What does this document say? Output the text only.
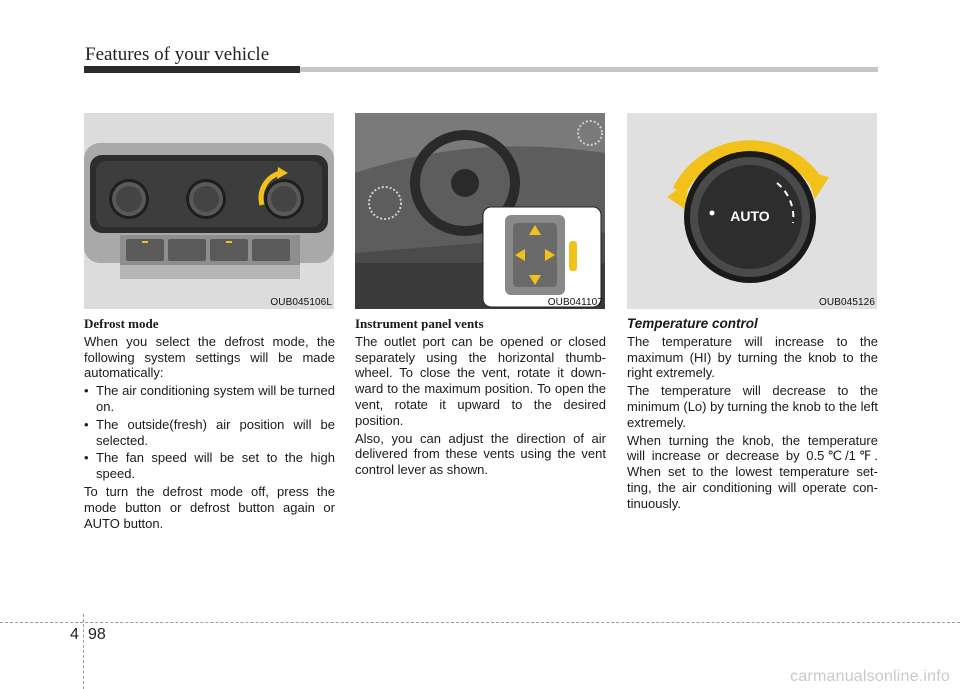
Features of your vehicle
OUB045106L	OUB041107
AUTO
OUB045126
Defrost mode

When you select the defrost mode, the following system settings will be made automatically:

• The air conditioning system will be turned on.
• The outside(fresh) air position will be selected.
• The fan speed will be set to the high speed.

To turn the defrost mode off, press the mode button or defrost button again or AUTO button.

Instrument panel vents

The outlet port can be opened or closed separately using the horizontal thumb-wheel. To close the vent, rotate it down-ward to the maximum position. To open the vent, rotate it upward to the desired position.

Also, you can adjust the direction of air delivered from these vents using the vent control lever as shown.

Temperature control

The temperature will increase to the maximum (HI) by turning the knob to the right extremely.

The temperature will decrease to the minimum (Lo) by turning the knob to the left extremely.

When turning the knob, the temperature will increase or decrease by 0.5℃/1℉. When set to the lowest temperature set-ting, the air conditioning will operate con-tinuously.

4 98
carmanualsonline.info
